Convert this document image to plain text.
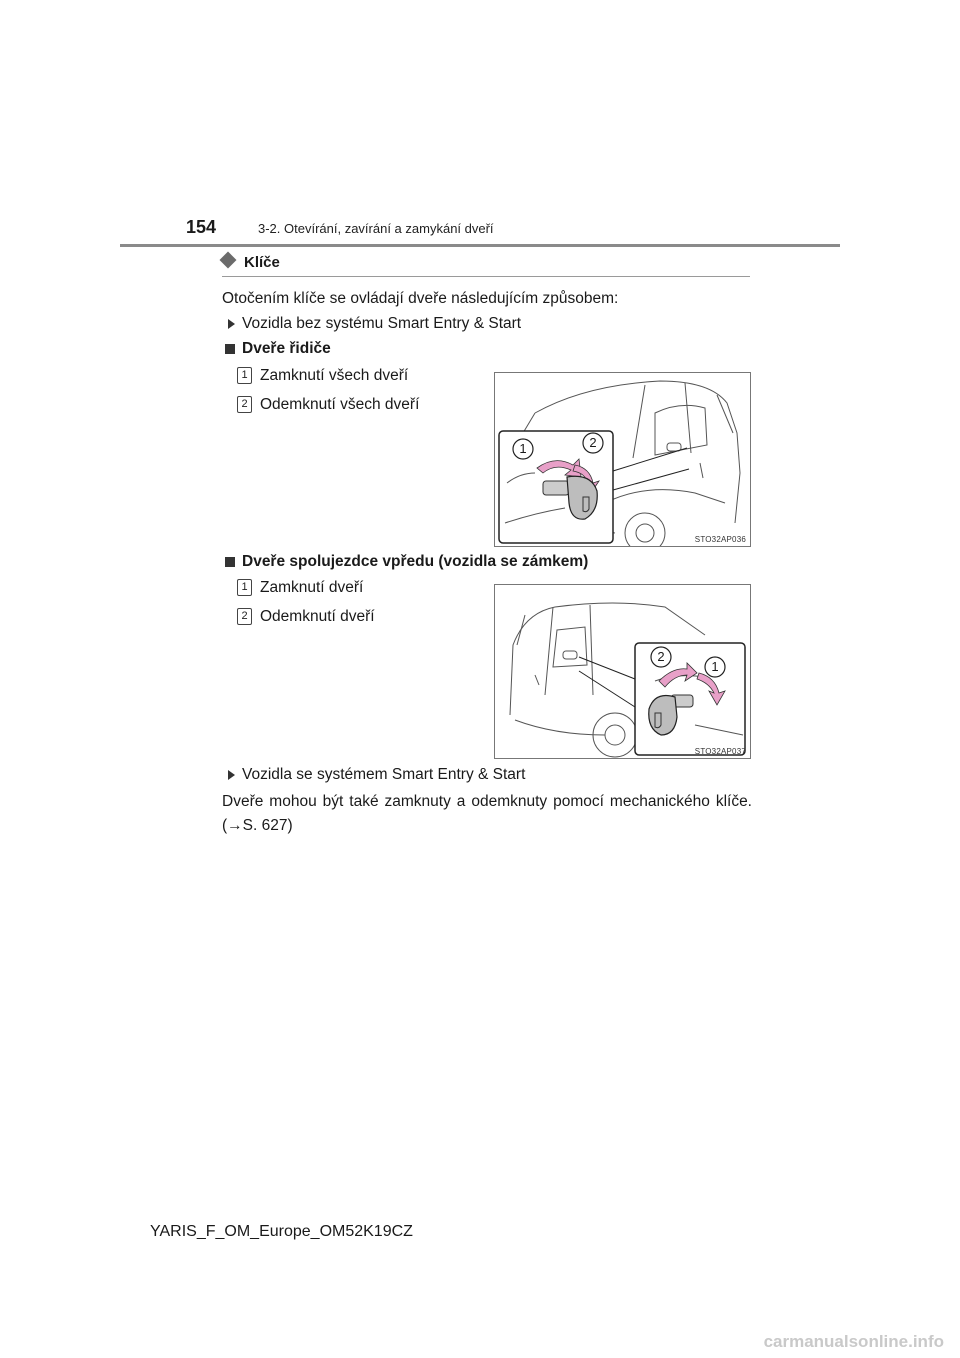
154	3-2. Otevírání, zavírání a zamykání dveří
Klíče
Otočením klíče se ovládají dveře následujícím způsobem:
Vozidla bez systému Smart Entry & Start
Dveře řidiče
1 Zamknutí všech dveří
2 Odemknutí všech dveří
1	2
STO32AP036
Dveře spolujezdce vpředu (vozidla se zámkem)
1 Zamknutí dveří
2 Odemknutí dveří
2
1
STO32AP037
Vozidla se systémem Smart Entry & Start
Dveře mohou být také zamknuty a odemknuty pomocí mechanického klíče. (→S. 627)
YARIS_F_OM_Europe_OM52K19CZ
carmanualsonline.info
